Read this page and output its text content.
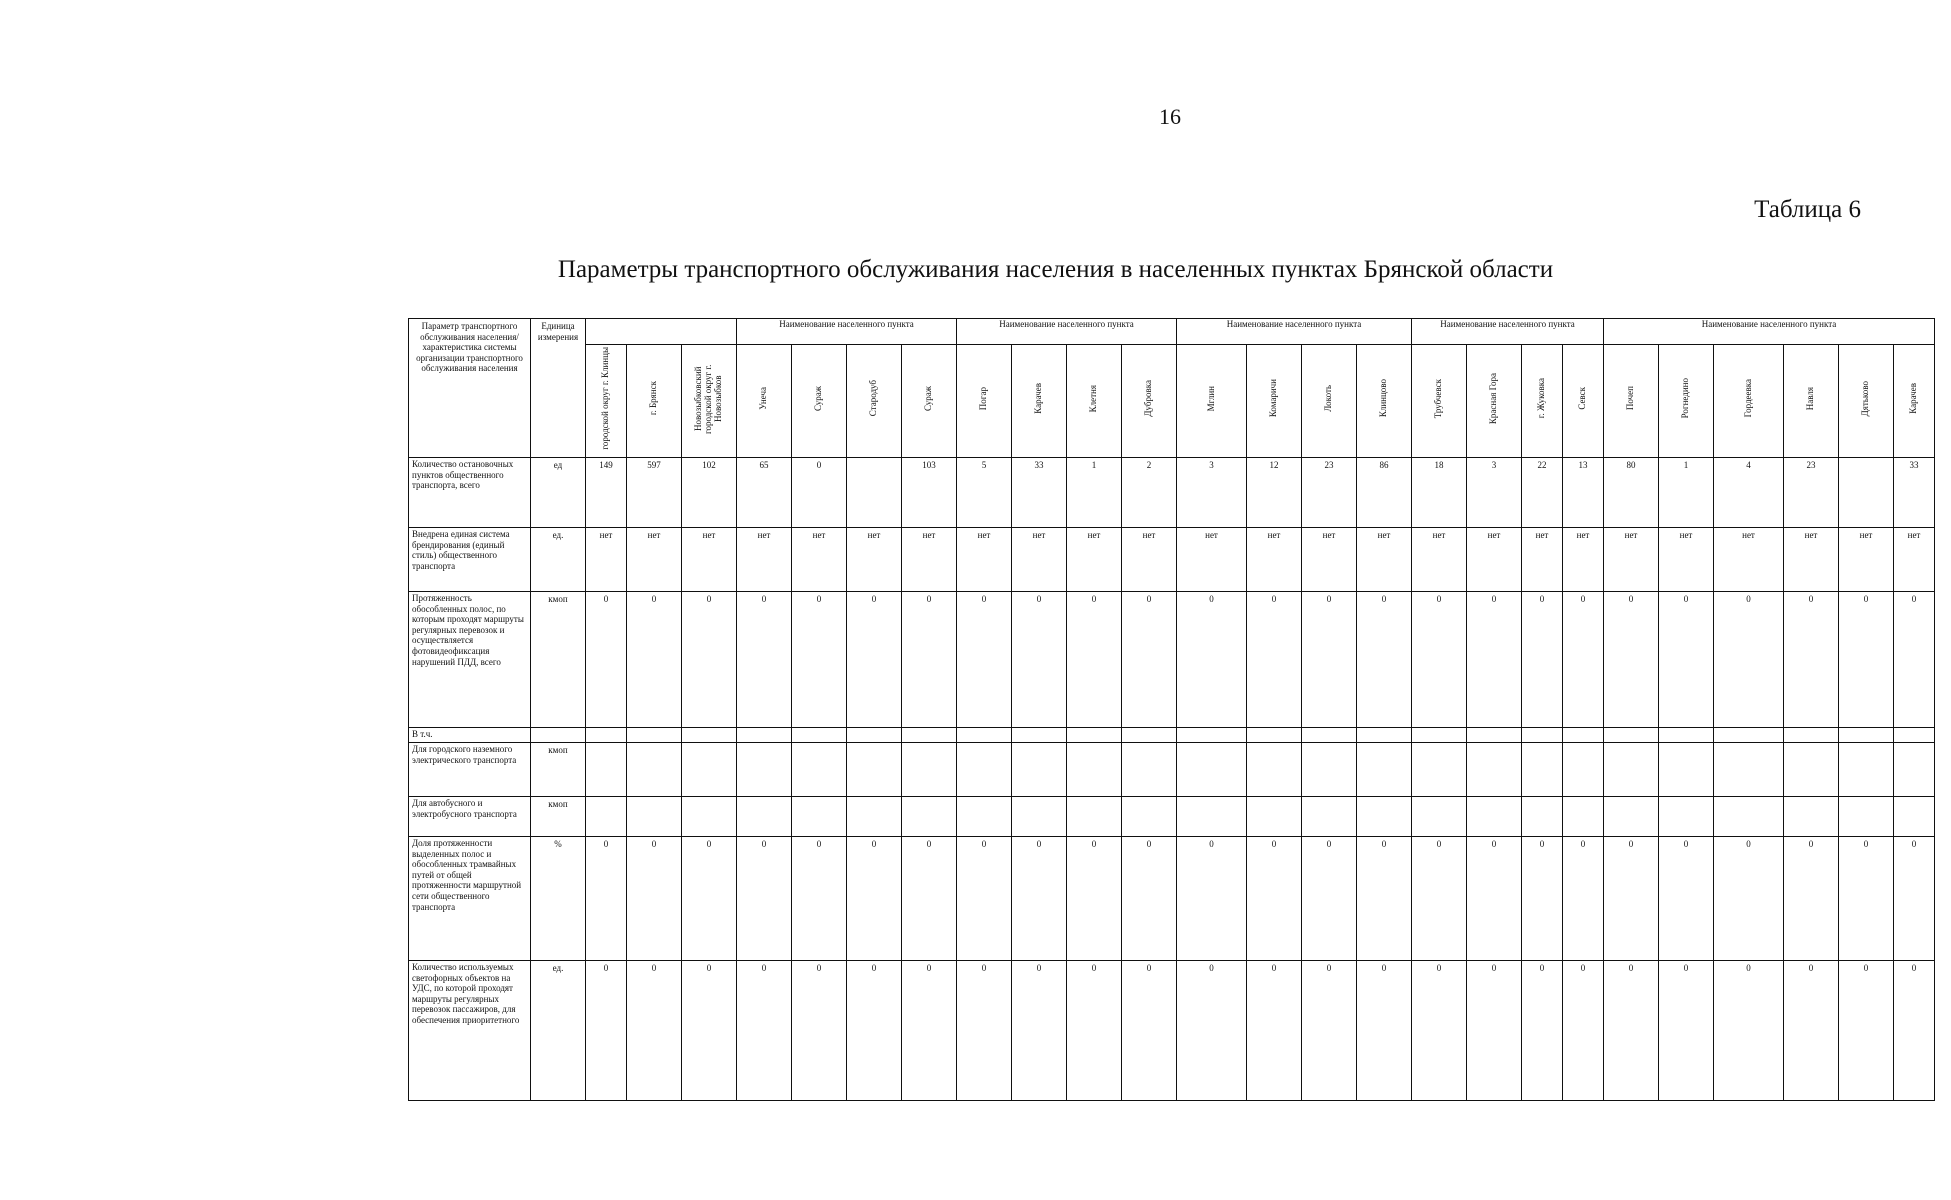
16
Таблица 6
Параметры транспортного обслуживания населения в населенных пунктах Брянской области
Параметр транспортного обслуживания населения/характеристика системы организации транспортного обслуживания населения	Единица измерения				Наименование населенного пункта				Наименование населенного пункта				Наименование населенного пункта				Наименование населенного пункта				Наименование населенного пункта					
		городской округ г. Клинцы	г. Брянск	Новозыбковский городской округ г. Новозыбков	Унеча	Сураж	Стародуб	Сураж	Погар	Карачев	Клетня	Дубровка	Мглин	Комаричи	Локоть	Клинцово	Трубчевск	Красная Гора	г. Жуковка	Севск	Почеп	Рогнедино	Гордеевка	Навля	Дятьково	Карачев
Количество остановочных пунктов общественного транспорта, всего	ед	149	597	102	65	0		103	5	33	1	2	3	12	23	86	18	3	22	13	80	1	4	23		33
Внедрена единая система брендирования (единый стиль) общественного транспорта	ед.	нет	нет	нет	нет	нет	нет	нет	нет	нет	нет	нет	нет	нет	нет	нет	нет	нет	нет	нет	нет	нет	нет	нет	нет	нет
Протяженность обособленных полос, по которым проходят маршруты регулярных перевозок и осуществляется фотовидеофиксация нарушений ПДД, всего	кмоп	0	0	0	0	0	0	0	0	0	0	0	0	0	0	0	0	0	0	0	0	0	0	0	0	0
В т.ч.																										
Для городского наземного электрического транспорта	кмоп																									
Для автобусного и электробусного транспорта	кмоп																									
Доля протяженности выделенных полос и обособленных трамвайных путей от общей протяженности маршрутной сети общественного транспорта	%	0	0	0	0	0	0	0	0	0	0	0	0	0	0	0	0	0	0	0	0	0	0	0	0	0
Количество используемых светофорных объектов на УДС, по которой проходят маршруты регулярных перевозок пассажиров, для обеспечения приоритетного	ед.	0	0	0	0	0	0	0	0	0	0	0	0	0	0	0	0	0	0	0	0	0	0	0	0	0
